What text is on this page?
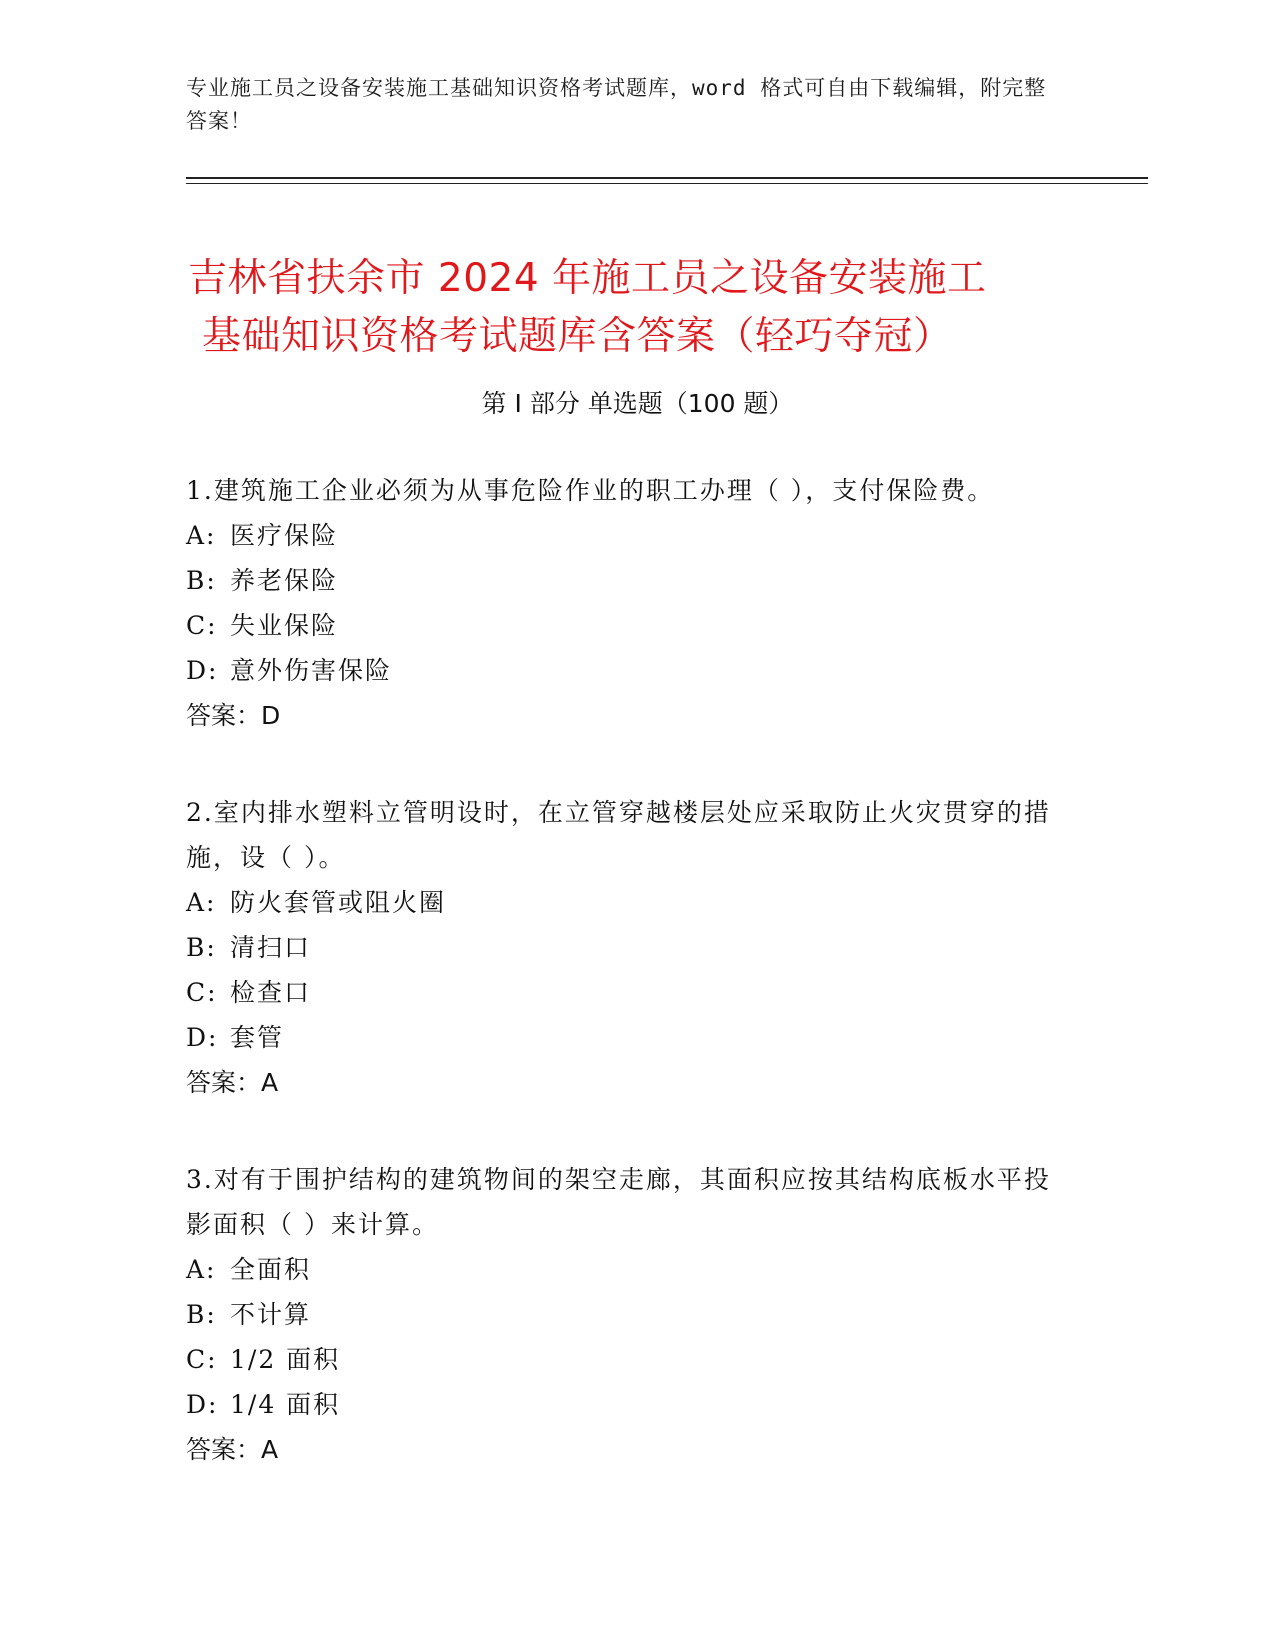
专业施工员之设备安装施工基础知识资格考试题库，word 格式可自由下载编辑，附完整答案！
吉林省扶余市 2024 年施工员之设备安装施工
基础知识资格考试题库含答案（轻巧夺冠）
第 I 部分 单选题（100 题）
1.建筑施工企业必须为从事危险作业的职工办理（ ），支付保险费。
A: 医疗保险
B: 养老保险
C: 失业保险
D: 意外伤害保险
答案：D
2.室内排水塑料立管明设时，在立管穿越楼层处应采取防止火灾贯穿的措施，设（ ）。
A: 防火套管或阻火圈
B: 清扫口
C: 检查口
D: 套管
答案：A
3.对有于围护结构的建筑物间的架空走廊，其面积应按其结构底板水平投影面积（ ）来计算。
A: 全面积
B: 不计算
C: 1/2 面积
D: 1/4 面积
答案：A
